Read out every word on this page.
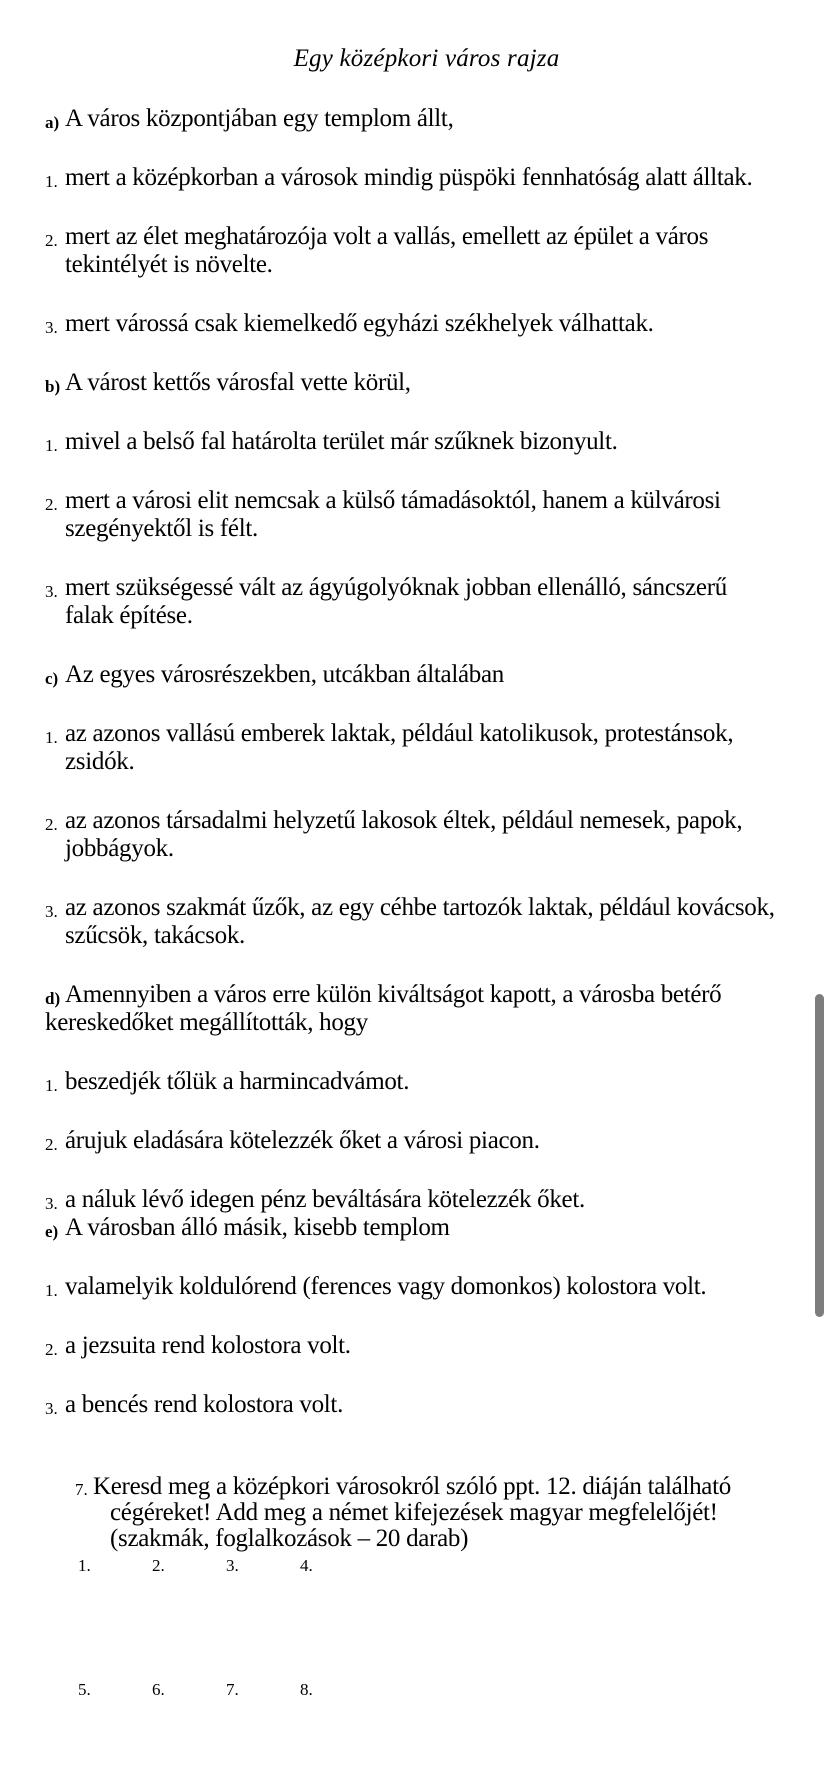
Egy középkori város rajza
a) A város központjában egy templom állt,
1. mert a középkorban a városok mindig püspöki fennhatóság alatt álltak.
2. mert az élet meghatározója volt a vallás, emellett az épület a város
tekintélyét is növelte.
3. mert várossá csak kiemelkedő egyházi székhelyek válhattak.
b) A várost kettős városfal vette körül,
1. mivel a belső fal határolta terület már szűknek bizonyult.
2. mert a városi elit nemcsak a külső támadásoktól, hanem a külvárosi
szegényektől is félt.
3. mert szükségessé vált az ágyúgolyóknak jobban ellenálló, sáncszerű
falak építése.
c) Az egyes városrészekben, utcákban általában
1. az azonos vallású emberek laktak, például katolikusok, protestánsok,
zsidók.
2. az azonos társadalmi helyzetű lakosok éltek, például nemesek, papok,
jobbágyok.
3. az azonos szakmát űzők, az egy céhbe tartozók laktak, például kovácsok,
szűcsök, takácsok.
d) Amennyiben a város erre külön kiváltságot kapott, a városba betérő
kereskedőket megállították, hogy
1. beszedjék tőlük a harmincadvámot.
2. árujuk eladására kötelezzék őket a városi piacon.
3. a náluk lévő idegen pénz beváltására kötelezzék őket.
e) A városban álló másik, kisebb templom
1. valamelyik koldulórend (ferences vagy domonkos) kolostora volt.
2. a jezsuita rend kolostora volt.
3. a bencés rend kolostora volt.
7. Keresd meg a középkori városokról szóló ppt. 12. diáján található
cégéreket! Add meg a német kifejezések magyar megfelelőjét!
(szakmák, foglalkozások – 20 darab)
1.	2.	3.	4.
5.	6.	7.	8.
